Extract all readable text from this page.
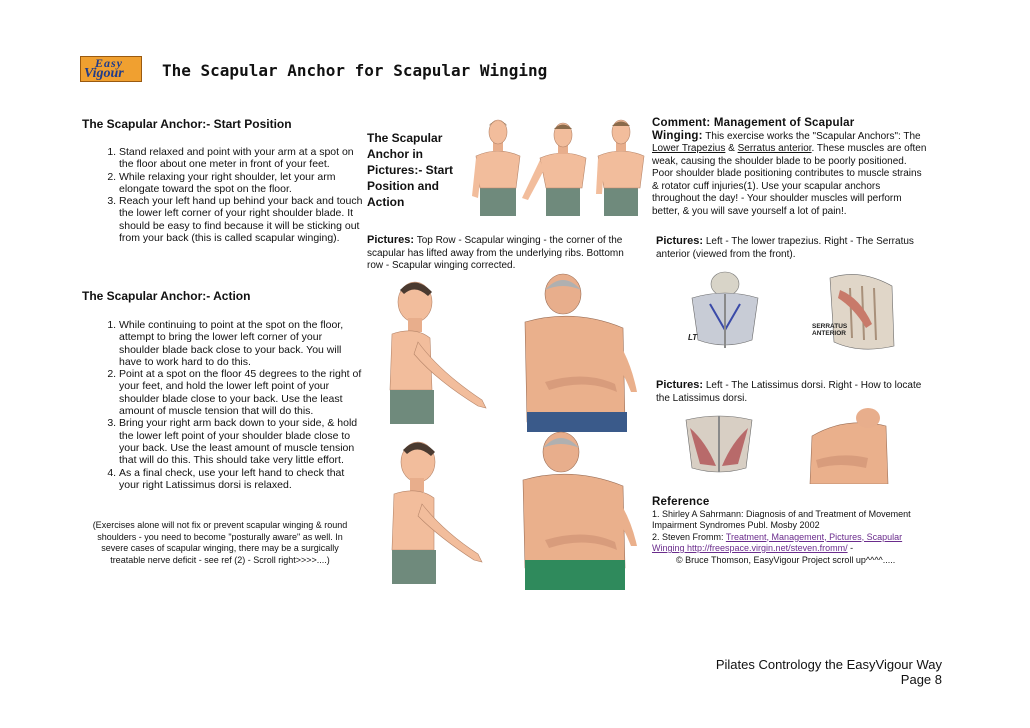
Easy
Vigour The Scapular Anchor for Scapular Winging
The Scapular Anchor:- Start Position
1. Stand relaxed and point with your arm at a spot on the floor about one meter in front of your feet.
2. While relaxing your right shoulder, let your arm elongate toward the spot on the floor.
3. Reach your left hand up behind your back and touch the lower left corner of your right shoulder blade. It should be easy to find because it will be sticking out from your back (this is called scapular winging).
The Scapular Anchor:- Action
1. While continuing to point at the spot on the floor, attempt to bring the lower left corner of your shoulder blade back close to your back. You will have to work hard to do this.
2. Point at a spot on the floor 45 degrees to the right of your feet, and hold the lower left point of your shoulder blade close to your back. Use the least amount of muscle tension that will do this.
3. Bring your right arm back down to your side, & hold the lower left point of your shoulder blade close to your back. Use the least amount of muscle tension that will do this. This should take very little effort.
4. As a final check, use your left hand to check that your right Latissimus dorsi is relaxed.
(Exercises alone will not fix or prevent scapular winging & round shoulders - you need to become "posturally aware" as well. In severe cases of scapular winging, there may be a surgically treatable nerve deficit - see ref (2) - Scroll right>>>>....)
The Scapular
Anchor in
Pictures:- Start
Position and
Action
Pictures: Top Row - Scapular winging - the corner of the scapular has lifted away from the underlying ribs. Bottomn row - Scapular winging corrected.
Comment: Management of Scapular
Winging: This exercise works the "Scapular Anchors": The Lower Trapezius & Serratus anterior. These muscles are often weak, causing the shoulder blade to be poorly positioned. Poor shoulder blade positioning contributes to muscle strains & rotator cuff injuries(1). Use your scapular anchors throughout the day! - Your shoulder muscles will perform better, & you will save yourself a lot of pain!.
Pictures: Left - The lower trapezius. Right - The Serratus anterior (viewed from the front).
LT
SERRATUS
ANTERIOR
Pictures: Left - The Latissimus dorsi. Right - How to locate the Latissimus dorsi.
Reference
1. Shirley A Sahrmann: Diagnosis of and Treatment of Movement Impairment Syndromes Publ. Mosby 2002
2. Steven Fromm: Treatment, Management, Pictures, Scapular Winging http://freespace.virgin.net/steven.fromm/ -
© Bruce Thomson, EasyVigour Project scroll up^^^^.....
Pilates Contrology the EasyVigour Way
Page 8
